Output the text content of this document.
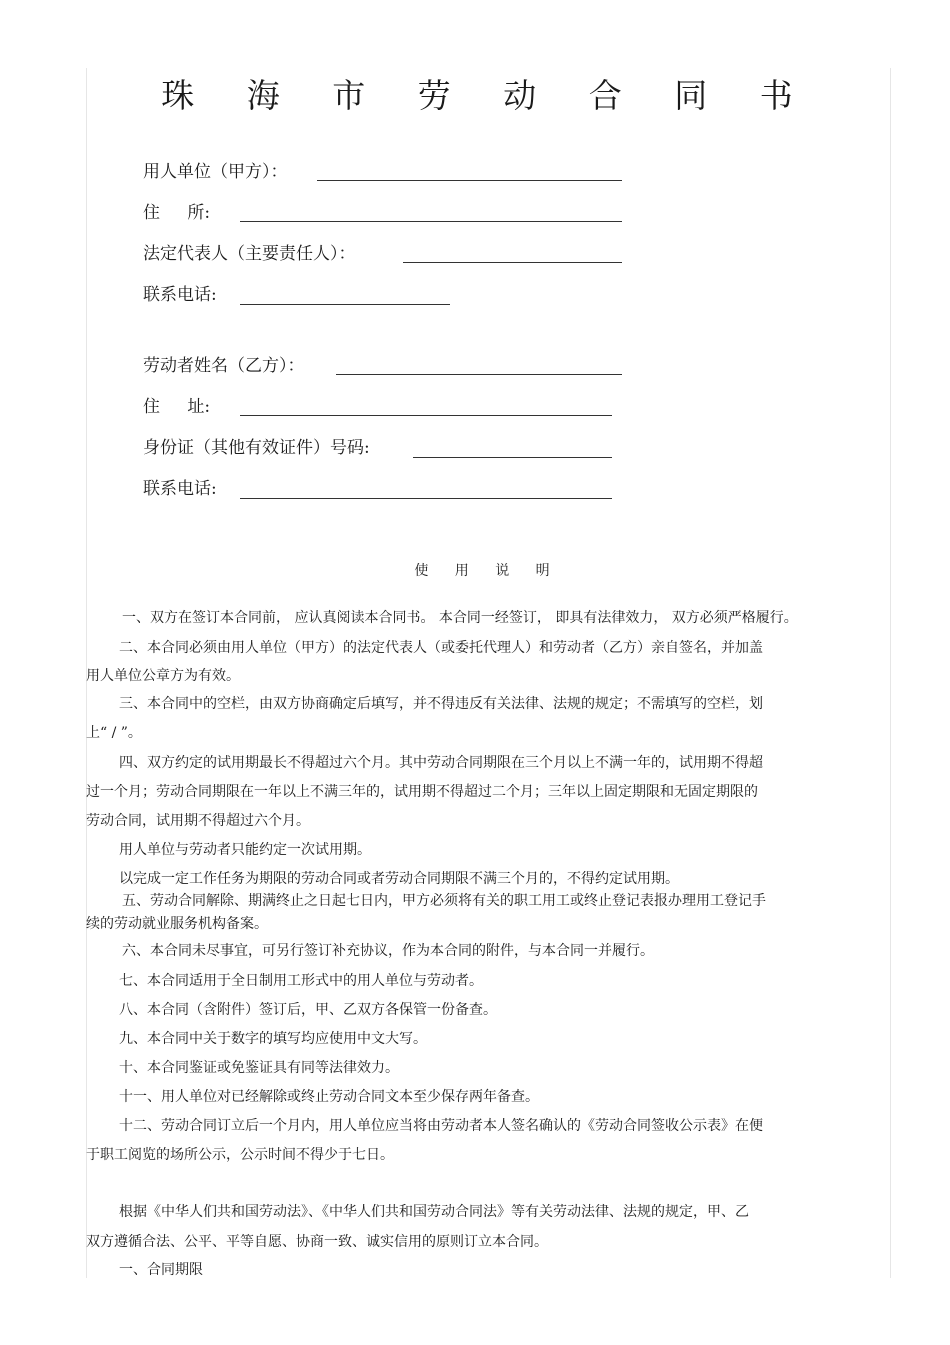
珠 海 市 劳 动 合 同 书
用人单位（甲方）：
住 所:
法定代表人（主要责任人）：
联系电话:
劳动者姓名（乙方）：
住 址:
身份证（其他有效证件）号码:
联系电话:
使 用 说 明
一、双方在签订本合同前， 应认真阅读本合同书。 本合同一经签订， 即具有法律效力， 双方必须严格履行。
二、本合同必须由用人单位（甲方）的法定代表人（或委托代理人）和劳动者（乙方）亲自签名，并加盖
用人单位公章方为有效。
三、本合同中的空栏，由双方协商确定后填写，并不得违反有关法律、法规的规定；不需填写的空栏，划
上“ / ”。
四、双方约定的试用期最长不得超过六个月。其中劳动合同期限在三个月以上不满一年的，试用期不得超
过一个月；劳动合同期限在一年以上不满三年的，试用期不得超过二个月；三年以上固定期限和无固定期限的
劳动合同，试用期不得超过六个月。
用人单位与劳动者只能约定一次试用期。
以完成一定工作任务为期限的劳动合同或者劳动合同期限不满三个月的，不得约定试用期。
五、劳动合同解除、期满终止之日起七日内，甲方必须将有关的职工用工或终止登记表报办理用工登记手
续的劳动就业服务机构备案。
六、本合同未尽事宜，可另行签订补充协议，作为本合同的附件，与本合同一并履行。
七、本合同适用于全日制用工形式中的用人单位与劳动者。
八、本合同（含附件）签订后，甲、乙双方各保管一份备查。
九、本合同中关于数字的填写均应使用中文大写。
十、本合同鉴证或免鉴证具有同等法律效力。
十一、用人单位对已经解除或终止劳动合同文本至少保存两年备查。
十二、劳动合同订立后一个月内，用人单位应当将由劳动者本人签名确认的《劳动合同签收公示表》在便
于职工阅览的场所公示，公示时间不得少于七日。
根据《中华人们共和国劳动法》、《中华人们共和国劳动合同法》等有关劳动法律、法规的规定，甲、乙
双方遵循合法、公平、平等自愿、协商一致、诚实信用的原则订立本合同。
一、合同期限
